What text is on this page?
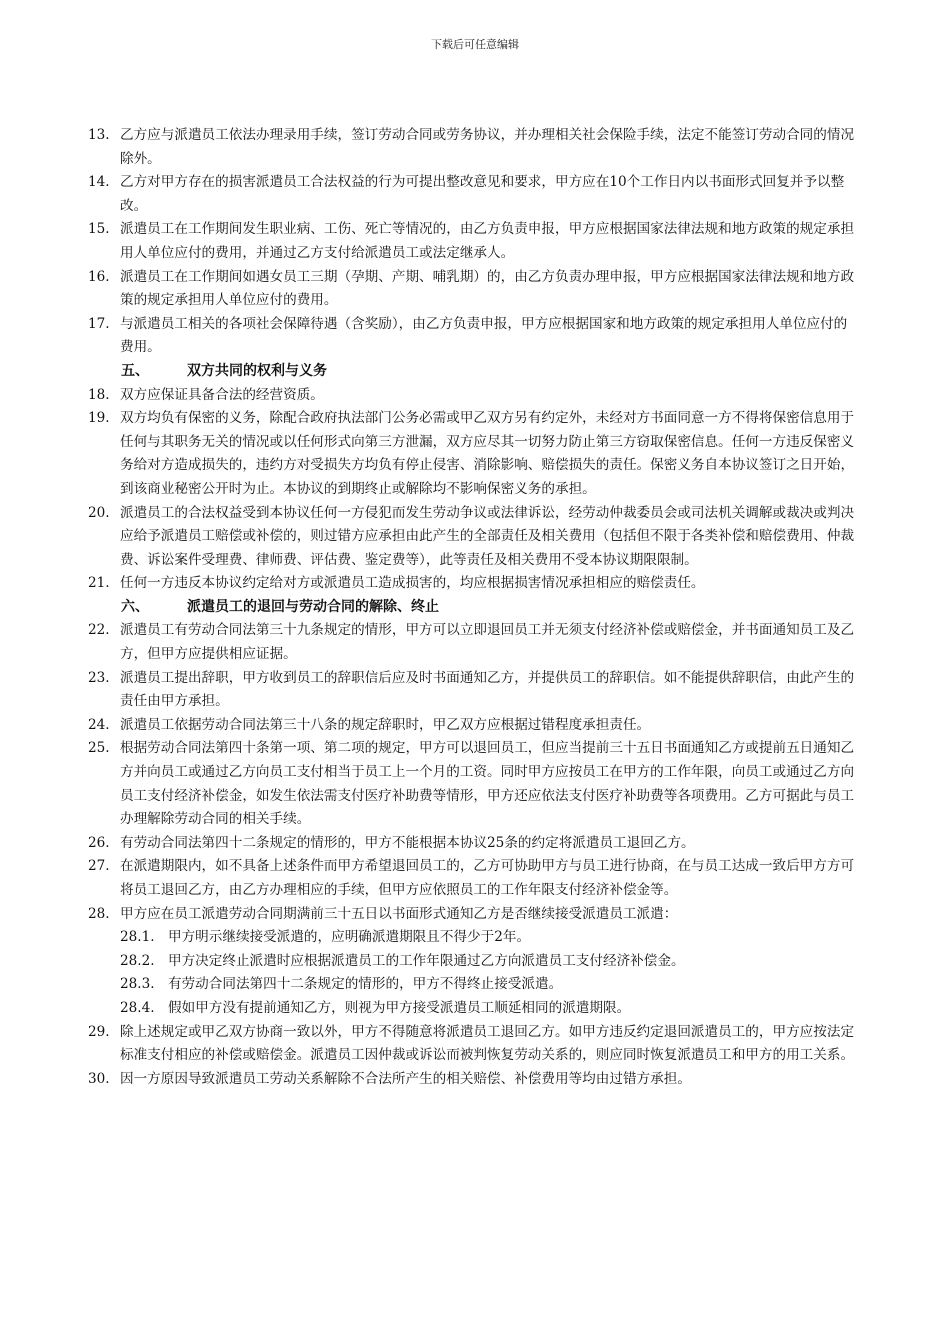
下载后可任意编辑
13. 乙方应与派遣员工依法办理录用手续，签订劳动合同或劳务协议，并办理相关社会保险手续，法定不能签订劳动合同的情况除外。
14. 乙方对甲方存在的损害派遣员工合法权益的行为可提出整改意见和要求，甲方应在10个工作日内以书面形式回复并予以整改。
15. 派遣员工在工作期间发生职业病、工伤、死亡等情况的，由乙方负责申报，甲方应根据国家法律法规和地方政策的规定承担用人单位应付的费用，并通过乙方支付给派遣员工或法定继承人。
16. 派遣员工在工作期间如遇女员工三期（孕期、产期、哺乳期）的，由乙方负责办理申报，甲方应根据国家法律法规和地方政策的规定承担用人单位应付的费用。
17. 与派遣员工相关的各项社会保障待遇（含奖励），由乙方负责申报，甲方应根据国家和地方政策的规定承担用人单位应付的费用。
五、	双方共同的权利与义务
18. 双方应保证具备合法的经营资质。
19. 双方均负有保密的义务，除配合政府执法部门公务必需或甲乙双方另有约定外，未经对方书面同意一方不得将保密信息用于任何与其职务无关的情况或以任何形式向第三方泄漏，双方应尽其一切努力防止第三方窃取保密信息。任何一方违反保密义务给对方造成损失的，违约方对受损失方均负有停止侵害、消除影响、赔偿损失的责任。保密义务自本协议签订之日开始，到该商业秘密公开时为止。本协议的到期终止或解除均不影响保密义务的承担。
20. 派遣员工的合法权益受到本协议任何一方侵犯而发生劳动争议或法律诉讼，经劳动仲裁委员会或司法机关调解或裁决或判决应给予派遣员工赔偿或补偿的，则过错方应承担由此产生的全部责任及相关费用（包括但不限于各类补偿和赔偿费用、仲裁费、诉讼案件受理费、律师费、评估费、鉴定费等），此等责任及相关费用不受本协议期限限制。
21. 任何一方违反本协议约定给对方或派遣员工造成损害的，均应根据损害情况承担相应的赔偿责任。
六、	派遣员工的退回与劳动合同的解除、终止
22. 派遣员工有劳动合同法第三十九条规定的情形，甲方可以立即退回员工并无须支付经济补偿或赔偿金，并书面通知员工及乙方，但甲方应提供相应证据。
23. 派遣员工提出辞职，甲方收到员工的辞职信后应及时书面通知乙方，并提供员工的辞职信。如不能提供辞职信，由此产生的责任由甲方承担。
24. 派遣员工依据劳动合同法第三十八条的规定辞职时，甲乙双方应根据过错程度承担责任。
25. 根据劳动合同法第四十条第一项、第二项的规定，甲方可以退回员工，但应当提前三十五日书面通知乙方或提前五日通知乙方并向员工或通过乙方向员工支付相当于员工上一个月的工资。同时甲方应按员工在甲方的工作年限，向员工或通过乙方向员工支付经济补偿金，如发生依法需支付医疗补助费等情形，甲方还应依法支付医疗补助费等各项费用。乙方可据此与员工办理解除劳动合同的相关手续。
26. 有劳动合同法第四十二条规定的情形的，甲方不能根据本协议25条的约定将派遣员工退回乙方。
27. 在派遣期限内，如不具备上述条件而甲方希望退回员工的，乙方可协助甲方与员工进行协商，在与员工达成一致后甲方方可将员工退回乙方，由乙方办理相应的手续，但甲方应依照员工的工作年限支付经济补偿金等。
28. 甲方应在员工派遣劳动合同期满前三十五日以书面形式通知乙方是否继续接受派遣员工派遣：
28.1. 甲方明示继续接受派遣的，应明确派遣期限且不得少于2年。
28.2. 甲方决定终止派遣时应根据派遣员工的工作年限通过乙方向派遣员工支付经济补偿金。
28.3. 有劳动合同法第四十二条规定的情形的，甲方不得终止接受派遣。
28.4. 假如甲方没有提前通知乙方，则视为甲方接受派遣员工顺延相同的派遣期限。
29. 除上述规定或甲乙双方协商一致以外，甲方不得随意将派遣员工退回乙方。如甲方违反约定退回派遣员工的，甲方应按法定标准支付相应的补偿或赔偿金。派遣员工因仲裁或诉讼而被判恢复劳动关系的，则应同时恢复派遣员工和甲方的用工关系。
30. 因一方原因导致派遣员工劳动关系解除不合法所产生的相关赔偿、补偿费用等均由过错方承担。
